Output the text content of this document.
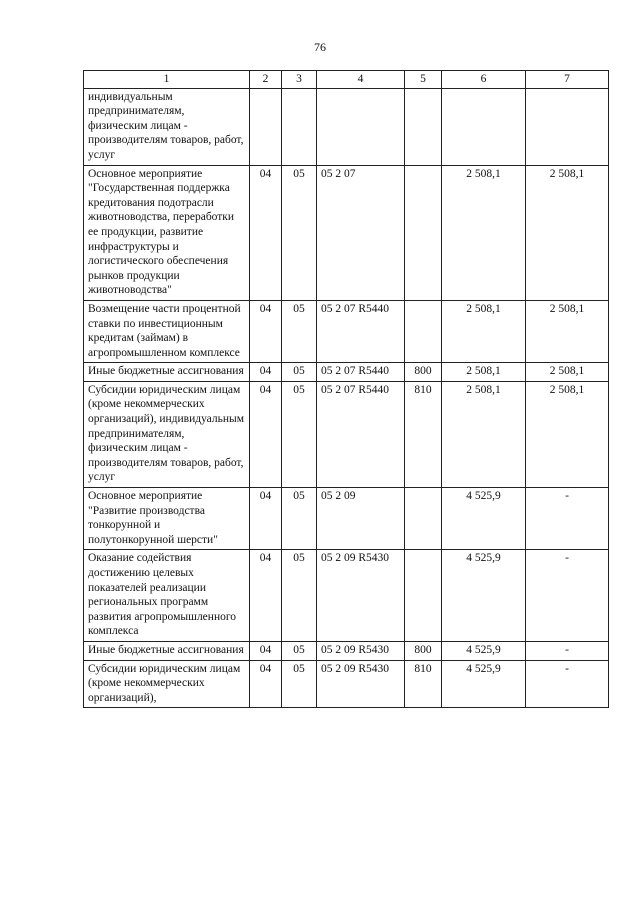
76
1	2	3	4	5	6	7
индивидуальным предпринимателям, физическим лицам - производителям товаров, работ, услуг						
Основное мероприятие "Государственная поддержка кредитования подотрасли животноводства, переработки ее продукции, развитие инфраструктуры и логистического обеспечения рынков продукции животноводства"	04	05	05 2 07		2 508,1	2 508,1
Возмещение части процентной ставки по инвестиционным кредитам (займам) в агропромышленном комплексе	04	05	05 2 07 R5440		2 508,1	2 508,1
Иные бюджетные ассигнования	04	05	05 2 07 R5440	800	2 508,1	2 508,1
Субсидии юридическим лицам (кроме некоммерческих организаций), индивидуальным предпринимателям, физическим лицам - производителям товаров, работ, услуг	04	05	05 2 07 R5440	810	2 508,1	2 508,1
Основное мероприятие "Развитие производства тонкорунной и полутонкорунной шерсти"	04	05	05 2 09		4 525,9	-
Оказание содействия достижению целевых показателей реализации региональных программ развития агропромышленного комплекса	04	05	05 2 09 R5430		4 525,9	-
Иные бюджетные ассигнования	04	05	05 2 09 R5430	800	4 525,9	-
Субсидии юридическим лицам (кроме некоммерческих организаций),	04	05	05 2 09 R5430	810	4 525,9	-
